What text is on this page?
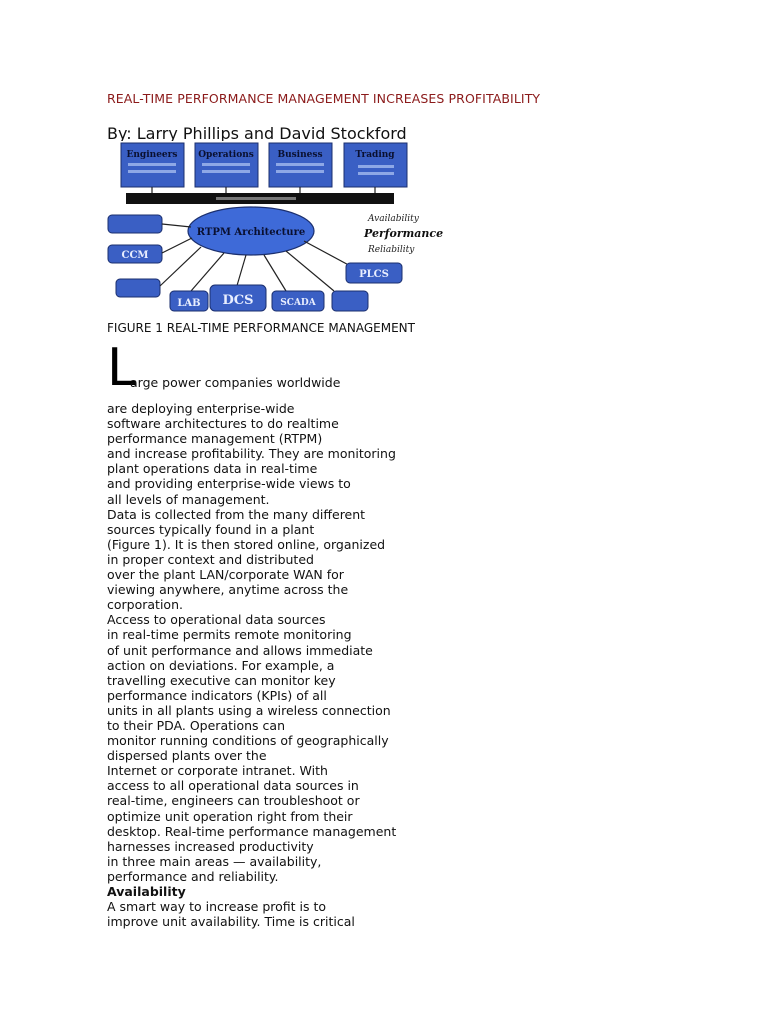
REAL-TIME PERFORMANCE MANAGEMENT INCREASES PROFITABILITY
By: Larry Phillips and David Stockford
Engineers Operations	Business	Trading
CCM
RTPM Architecture
LAB DCS	SCADA
PLCS
Availability
Performance
Reliability
FIGURE 1 REAL-TIME PERFORMANCE MANAGEMENT
L
arge power companies worldwide
are deploying enterprise-wide
software architectures to do realtime
performance management (RTPM)
and increase profitability. They are monitoring
plant operations data in real-time
and providing enterprise-wide views to
all levels of management.
Data is collected from the many different
sources typically found in a plant
(Figure 1). It is then stored online, organized
in proper context and distributed
over the plant LAN/corporate WAN for
viewing anywhere, anytime across the
corporation.
Access to operational data sources
in real-time permits remote monitoring
of unit performance and allows immediate
action on deviations. For example, a
travelling executive can monitor key
performance indicators (KPIs) of all
units in all plants using a wireless connection
to their PDA. Operations can
monitor running conditions of geographically
dispersed plants over the
Internet or corporate intranet. With
access to all operational data sources in
real-time, engineers can troubleshoot or
optimize unit operation right from their
desktop. Real-time performance management
harnesses increased productivity
in three main areas — availability,
performance and reliability.
Availability
A smart way to increase profit is to
improve unit availability. Time is critical
